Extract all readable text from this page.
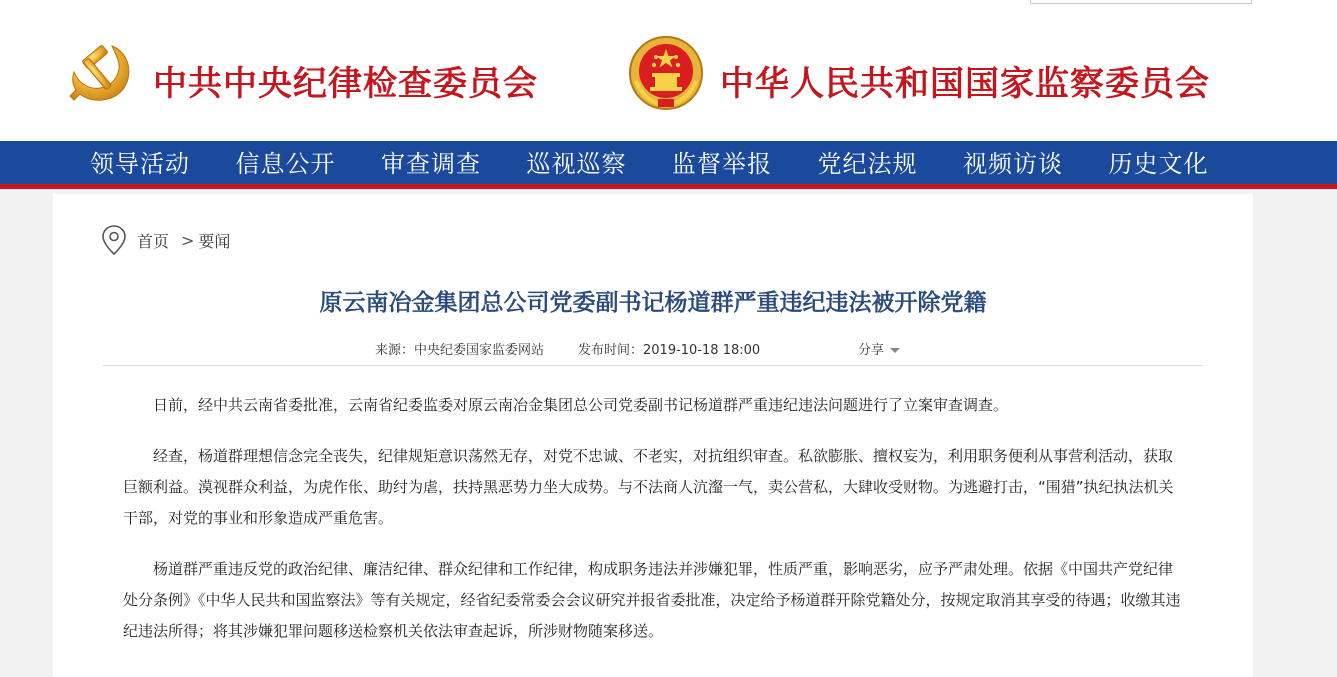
中共中央纪律检查委员会	中华人民共和国国家监察委员会
领导活动	信息公开	审查调查	巡视巡察	监督举报	党纪法规	视频访谈	历史文化
首页 > 要闻
原云南冶金集团总公司党委副书记杨道群严重违纪违法被开除党籍
来源：中央纪委国家监委网站	发布时间：2019-10-18 18:00	分享

日前，经中共云南省委批准，云南省纪委监委对原云南冶金集团总公司党委副书记杨道群严重违纪违法问题进行了立案审查调查。

经查，杨道群理想信念完全丧失，纪律规矩意识荡然无存，对党不忠诚、不老实，对抗组织审查。私欲膨胀、擅权妄为，利用职务便利从事营利活动，获取巨额利益。漠视群众利益，为虎作伥、助纣为虐，扶持黑恶势力坐大成势。与不法商人沆瀣一气，卖公营私，大肆收受财物。为逃避打击，“围猎”执纪执法机关干部，对党的事业和形象造成严重危害。

杨道群严重违反党的政治纪律、廉洁纪律、群众纪律和工作纪律，构成职务违法并涉嫌犯罪，性质严重，影响恶劣，应予严肃处理。依据《中国共产党纪律处分条例》《中华人民共和国监察法》等有关规定，经省纪委常委会会议研究并报省委批准，决定给予杨道群开除党籍处分，按规定取消其享受的待遇；收缴其违纪违法所得；将其涉嫌犯罪问题移送检察机关依法审查起诉，所涉财物随案移送。
